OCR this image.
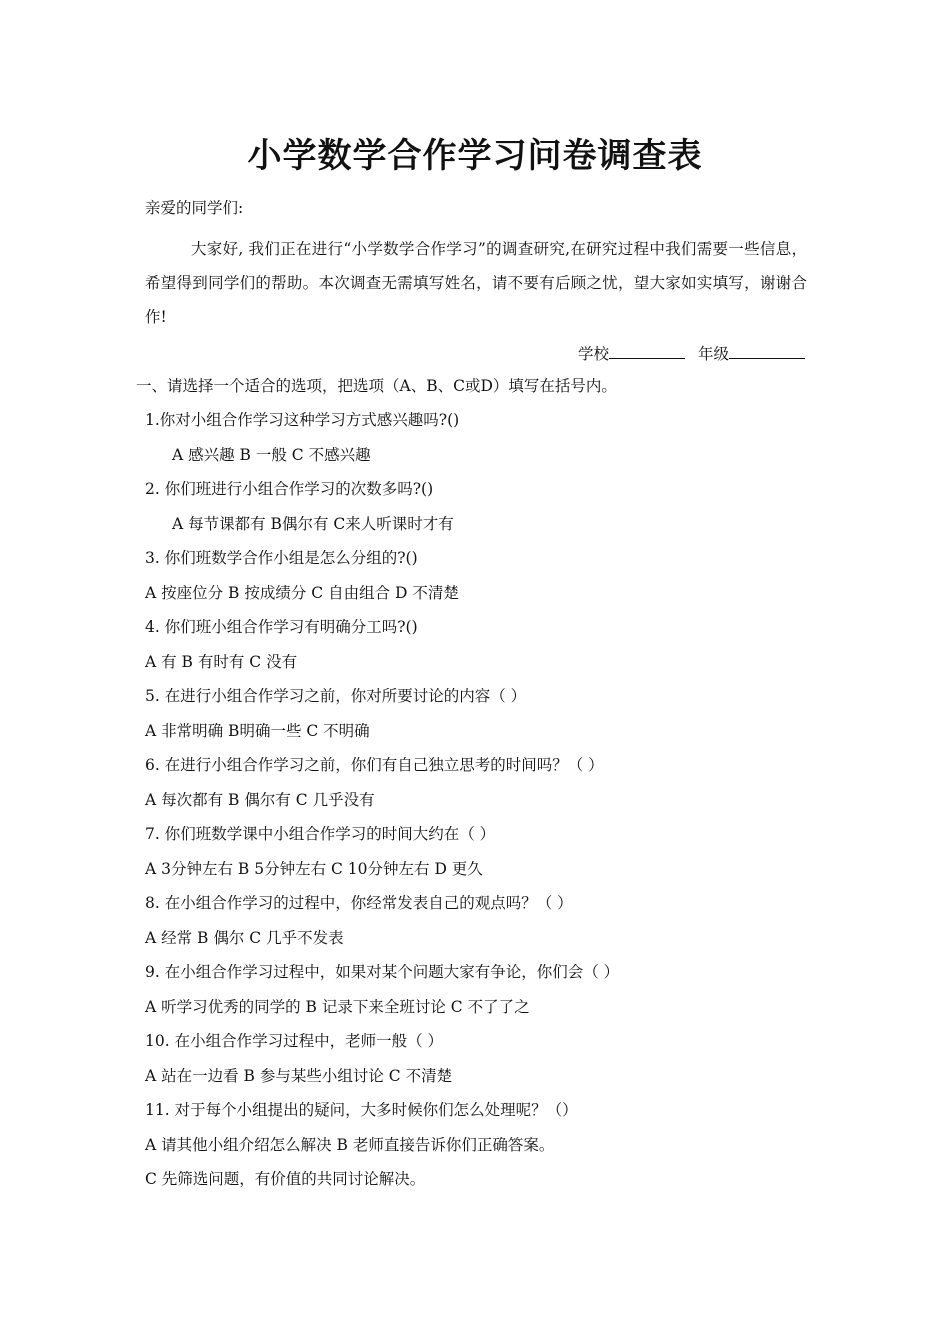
小学数学合作学习问卷调查表
亲爱的同学们:
大家好, 我们正在进行“小学数学合作学习”的调查研究,在研究过程中我们需要一些信息，希望得到同学们的帮助。本次调查无需填写姓名，请不要有后顾之忧，望大家如实填写，谢谢合作!
学校	年级
一、请选择一个适合的选项，把选项（A、B、C或D）填写在括号内。
1.你对小组合作学习这种学习方式感兴趣吗?()
A 感兴趣 B 一般 C 不感兴趣
2. 你们班进行小组合作学习的次数多吗?()
A 每节课都有 B偶尔有 C来人听课时才有
3. 你们班数学合作小组是怎么分组的?()
A 按座位分 B 按成绩分 C 自由组合 D 不清楚
4. 你们班小组合作学习有明确分工吗?()
A 有 B 有时有 C 没有
5. 在进行小组合作学习之前，你对所要讨论的内容（ ）
A 非常明确 B明确一些 C 不明确
6. 在进行小组合作学习之前，你们有自己独立思考的时间吗？（ ）
A 每次都有 B 偶尔有 C 几乎没有
7. 你们班数学课中小组合作学习的时间大约在（ ）
A 3分钟左右 B 5分钟左右 C 10分钟左右 D 更久
8. 在小组合作学习的过程中，你经常发表自己的观点吗？（ ）
A 经常 B 偶尔 C 几乎不发表
9. 在小组合作学习过程中，如果对某个问题大家有争论，你们会（ ）
A 听学习优秀的同学的 B 记录下来全班讨论 C 不了了之
10. 在小组合作学习过程中，老师一般（ ）
A 站在一边看 B 参与某些小组讨论 C 不清楚
11. 对于每个小组提出的疑问，大多时候你们怎么处理呢？（）
A 请其他小组介绍怎么解决 B 老师直接告诉你们正确答案。
C 先筛选问题，有价值的共同讨论解决。
